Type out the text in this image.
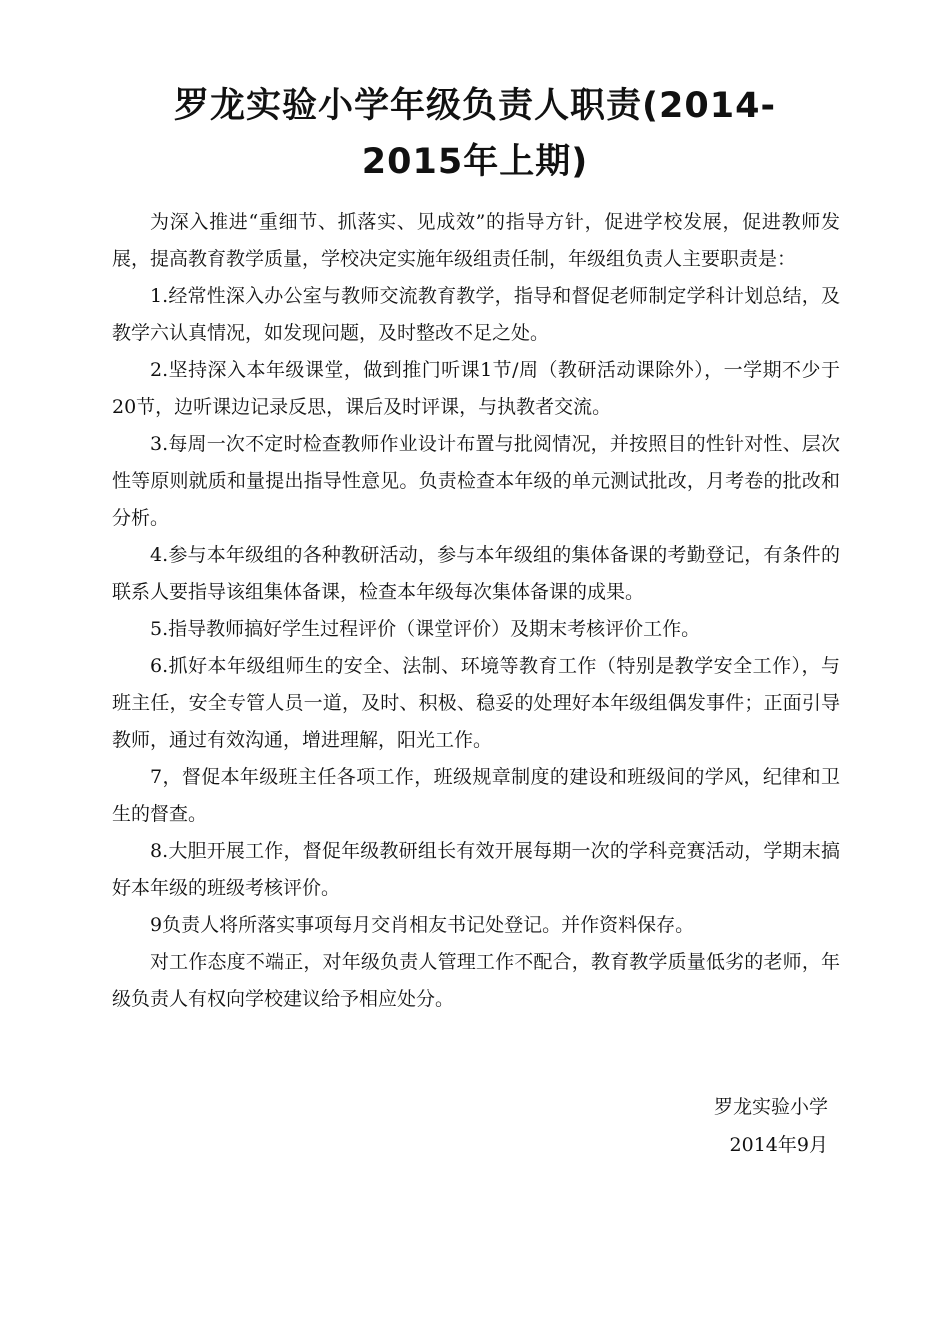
罗龙实验小学年级负责人职责(2014-
2015年上期)

为深入推进“重细节、抓落实、见成效”的指导方针，促进学校发展，促进教师发展，提高教育教学质量，学校决定实施年级组责任制，年级组负责人主要职责是：

1.经常性深入办公室与教师交流教育教学，指导和督促老师制定学科计划总结，及教学六认真情况，如发现问题，及时整改不足之处。

2.坚持深入本年级课堂，做到推门听课1节/周（教研活动课除外），一学期不少于20节，边听课边记录反思，课后及时评课，与执教者交流。

3.每周一次不定时检查教师作业设计布置与批阅情况，并按照目的性针对性、层次性等原则就质和量提出指导性意见。负责检查本年级的单元测试批改，月考卷的批改和分析。

4.参与本年级组的各种教研活动，参与本年级组的集体备课的考勤登记，有条件的联系人要指导该组集体备课，检查本年级每次集体备课的成果。

5.指导教师搞好学生过程评价（课堂评价）及期末考核评价工作。

6.抓好本年级组师生的安全、法制、环境等教育工作（特别是教学安全工作），与班主任，安全专管人员一道，及时、积极、稳妥的处理好本年级组偶发事件；正面引导教师，通过有效沟通，增进理解，阳光工作。

7，督促本年级班主任各项工作，班级规章制度的建设和班级间的学风，纪律和卫生的督查。

8.大胆开展工作，督促年级教研组长有效开展每期一次的学科竞赛活动，学期末搞好本年级的班级考核评价。

9负责人将所落实事项每月交肖相友书记处登记。并作资料保存。

对工作态度不端正，对年级负责人管理工作不配合，教育教学质量低劣的老师，年级负责人有权向学校建议给予相应处分。

罗龙实验小学
2014年9月
